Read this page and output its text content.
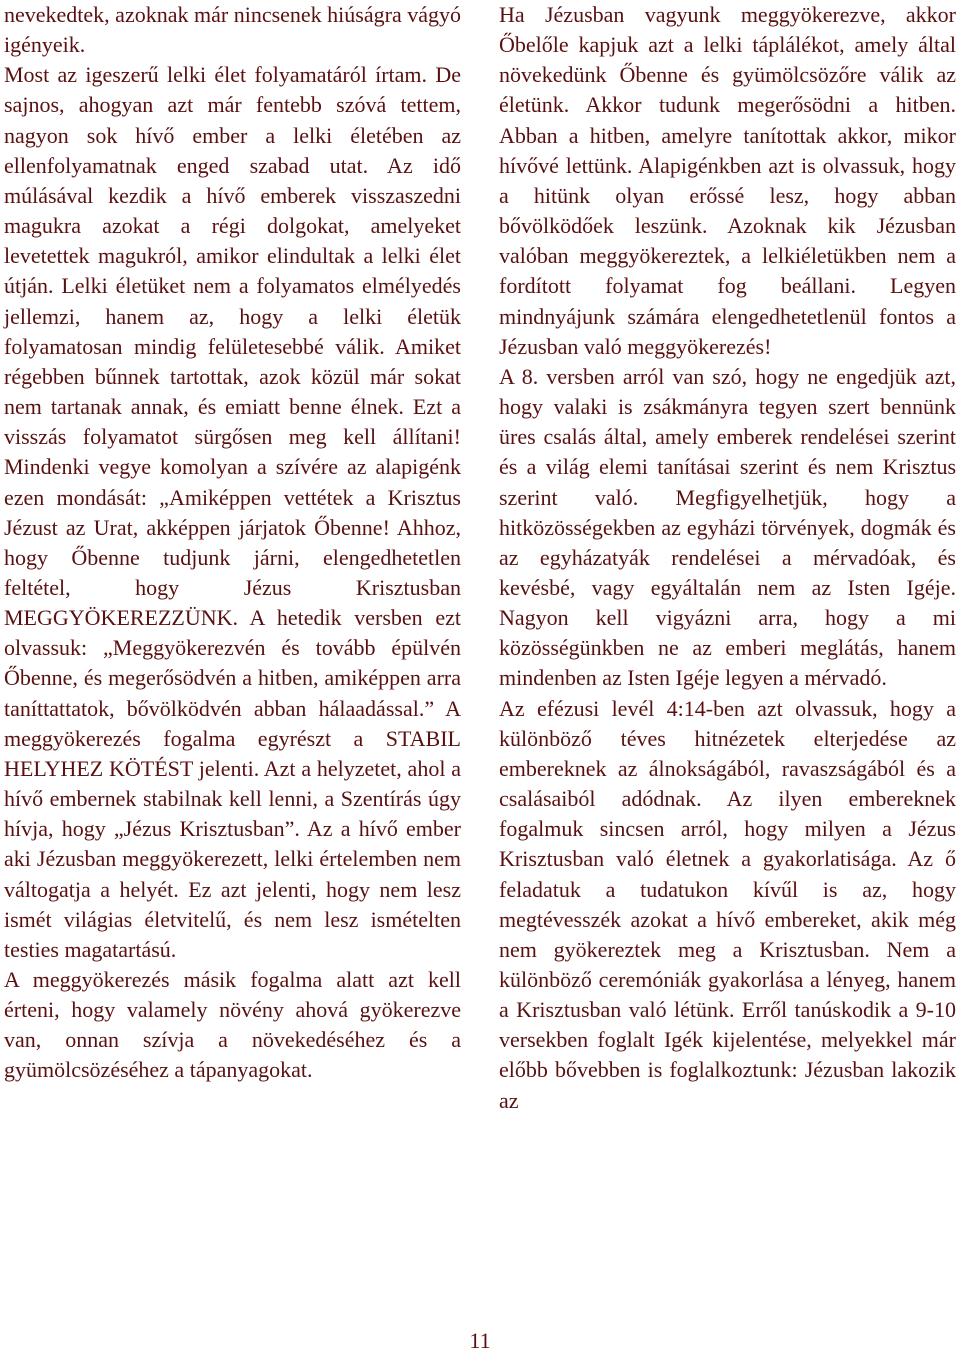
nevekedtek, azoknak már nincsenek hiúságra vágyó igényeik.

Most az igeszerű lelki élet folyamatáról írtam. De sajnos, ahogyan azt már fentebb szóvá tettem, nagyon sok hívő ember a lelki életében az ellenfolyamatnak enged szabad utat. Az idő múlásával kezdik a hívő emberek visszaszedni magukra azokat a régi dolgokat, amelyeket levetettek magukról, amikor elindultak a lelki élet útján. Lelki életüket nem a folyamatos elmélyedés jellemzi, hanem az, hogy a lelki életük folyamatosan mindig felületesebbé válik. Amiket régebben bűnnek tartottak, azok közül már sokat nem tartanak annak, és emiatt benne élnek. Ezt a visszás folyamatot sürgősen meg kell állítani! Mindenki vegye komolyan a szívére az alapigénk ezen mondását: „Amiképpen vettétek a Krisztus Jézust az Urat, akképpen járjatok Őbenne! Ahhoz, hogy Őbenne tudjunk járni, elengedhetetlen feltétel, hogy Jézus Krisztusban MEGGYÖKEREZZÜNK. A hetedik versben ezt olvassuk: „Meggyökerezvén és tovább épülvén Őbenne, és megerősödvén a hitben, amiképpen arra taníttattatok, bővölködvén abban hálaadással.” A meggyökerezés fogalma egyrészt a STABIL HELYHEZ KÖTÉST jelenti. Azt a helyzetet, ahol a hívő embernek stabilnak kell lenni, a Szentírás úgy hívja, hogy „Jézus Krisztusban”. Az a hívő ember aki Jézusban meggyökerezett, lelki értelemben nem váltogatja a helyét. Ez azt jelenti, hogy nem lesz ismét világias életvitelű, és nem lesz ismételten testies magatartású.

A meggyökerezés másik fogalma alatt azt kell érteni, hogy valamely növény ahová gyökerezve van, onnan szívja a növekedéséhez és a gyümölcsözéséhez a tápanyagokat.

Ha Jézusban vagyunk meggyökerezve, akkor Őbelőle kapjuk azt a lelki táplálékot, amely által növekedünk Őbenne és gyümölcsözőre válik az életünk. Akkor tudunk megerősödni a hitben. Abban a hitben, amelyre tanítottak akkor, mikor hívővé lettünk. Alapigénkben azt is olvassuk, hogy a hitünk olyan erőssé lesz, hogy abban bővölködőek leszünk. Azoknak kik Jézusban valóban meggyökereztek, a lelkiéletükben nem a fordított folyamat fog beállani. Legyen mindnyájunk számára elengedhetetlenül fontos a Jézusban való meggyökerezés!

A 8. versben arról van szó, hogy ne engedjük azt, hogy valaki is zsákmányra tegyen szert bennünk üres csalás által, amely emberek rendelései szerint és a világ elemi tanításai szerint és nem Krisztus szerint való. Megfigyelhetjük, hogy a hitközösségekben az egyházi törvények, dogmák és az egyházatyák rendelései a mérvadóak, és kevésbé, vagy egyáltalán nem az Isten Igéje. Nagyon kell vigyázni arra, hogy a mi közösségünkben ne az emberi meglátás, hanem mindenben az Isten Igéje legyen a mérvadó.

Az efézusi levél 4:14-ben azt olvassuk, hogy a különböző téves hitnézetek elterjedése az embereknek az álnokságából, ravaszságából és a csalásaiból adódnak. Az ilyen embereknek fogalmuk sincsen arról, hogy milyen a Jézus Krisztusban való életnek a gyakorlatisága. Az ő feladatuk a tudatukon kívűl is az, hogy megtévesszék azokat a hívő embereket, akik még nem gyökereztek meg a Krisztusban. Nem a különböző ceremóniák gyakorlása a lényeg, hanem a Krisztusban való létünk. Erről tanúskodik a 9-10 versekben foglalt Igék kijelentése, melyekkel már előbb bővebben is foglalkoztunk: Jézusban lakozik az

11
